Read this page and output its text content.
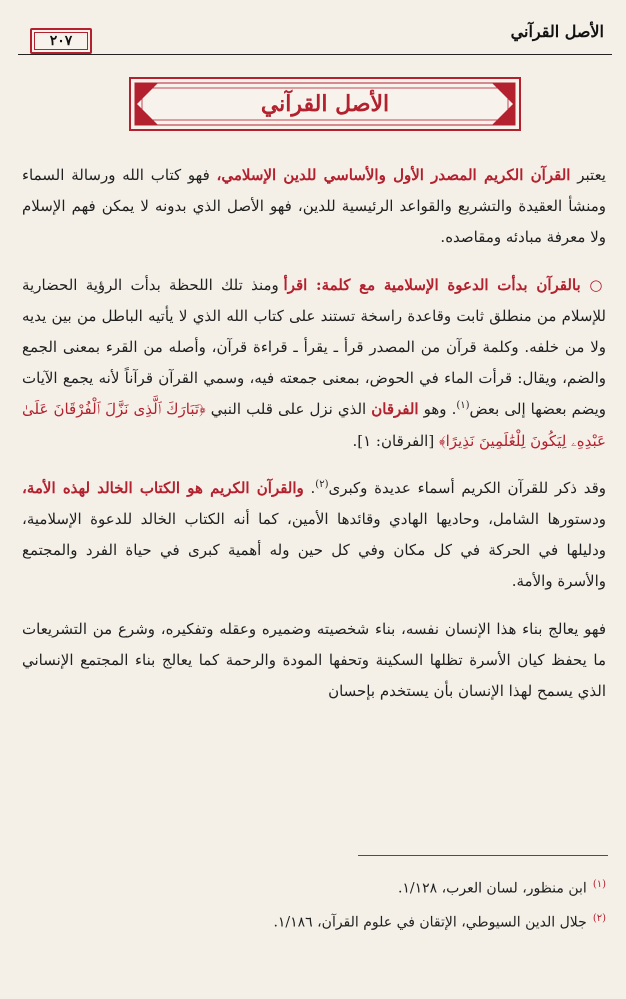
٢٠٧	الأصل القرآني
الأصل القرآني

يعتبر القرآن الكريم المصدر الأول والأساسي للدين الإسلامي، فهو كتاب الله ورسالة السماء ومنشأ العقيدة والتشريع والقواعد الرئيسية للدين، فهو الأصل الذي بدونه لا يمكن فهم الإسلام ولا معرفة مبادئه ومقاصده.

○ بالقرآن بدأت الدعوة الإسلامية مع كلمة: اقرأ ومنذ تلك اللحظة بدأت الرؤية الحضارية للإسلام من منطلق ثابت وقاعدة راسخة تستند على كتاب الله الذي لا يأتيه الباطل من بين يديه ولا من خلفه. وكلمة قرآن من المصدر قرأ ـ يقرأ ـ قراءة قرآن، وأصله من القرء بمعنى الجمع والضم، ويقال: قرأت الماء في الحوض، بمعنى جمعته فيه، وسمي القرآن قرآناً لأنه يجمع الآيات ويضم بعضها إلى بعض$^{(١)}$. وهو الفرقان الذي نزل على قلب النبي ﴿تَبَارَكَ ٱلَّذِى نَزَّلَ ٱلْفُرْقَانَ عَلَىٰ عَبْدِهِۦ لِيَكُونَ لِلْعَٰلَمِينَ نَذِيرًا﴾ [الفرقان: ١].

وقد ذكر للقرآن الكريم أسماء عديدة وكبرى$^{(٢)}$. والقرآن الكريم هو الكتاب الخالد لهذه الأمة، ودستورها الشامل، وحاديها الهادي وقائدها الأمين، كما أنه الكتاب الخالد للدعوة الإسلامية، ودليلها في الحركة في كل مكان وفي كل حين وله أهمية كبرى في حياة الفرد والمجتمع والأسرة والأمة.

فهو يعالج بناء هذا الإنسان نفسه، بناء شخصيته وضميره وعقله وتفكيره، وشرع من التشريعات ما يحفظ كيان الأسرة تظلها السكينة وتحفها المودة والرحمة كما يعالج بناء المجتمع الإنساني الذي يسمح لهذا الإنسان بأن يستخدم بإحسان

$^{(١)}$ابن منظور، لسان العرب، ١/١٢٨.

$^{(٢)}$جلال الدين السيوطي، الإتقان في علوم القرآن، ١/١٨٦.
